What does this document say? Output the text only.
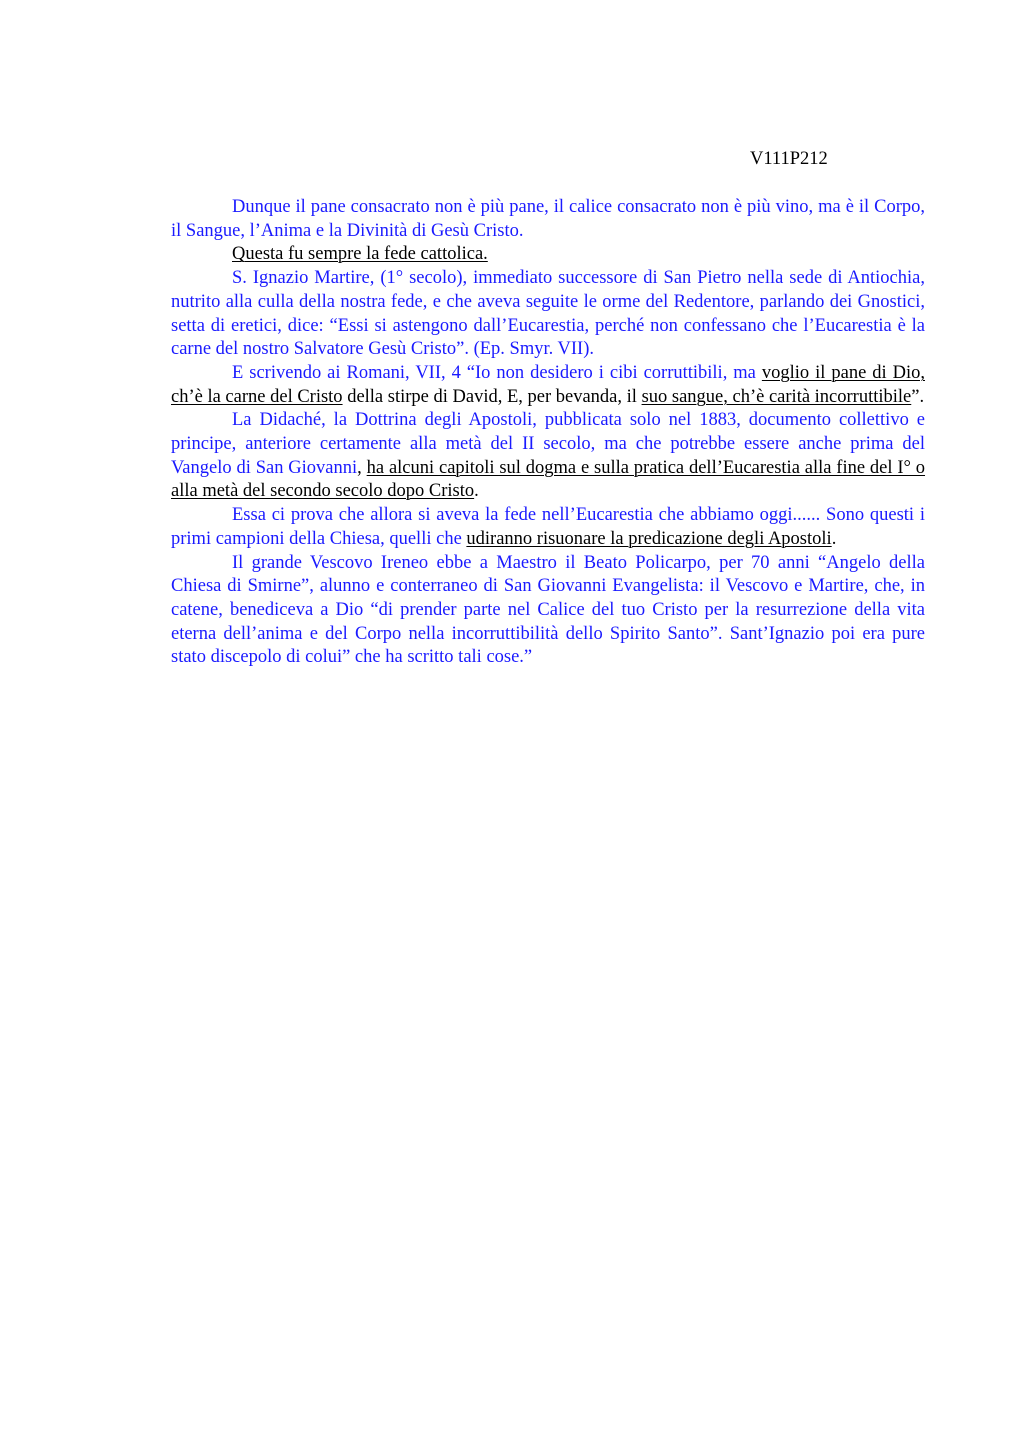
V111P212

Dunque il pane consacrato non è più pane, il calice consacrato non è più vino, ma è il Corpo, il Sangue, l’Anima e la Divinità di Gesù Cristo.

Questa fu sempre la fede cattolica.

S. Ignazio Martire, (1° secolo), immediato successore di San Pietro nella sede di Antiochia, nutrito alla culla della nostra fede, e che aveva seguite le orme del Redentore, parlando dei Gnostici, setta di eretici, dice: “Essi si astengono dall’Eucarestia, perché non confessano che l’Eucarestia è la carne del nostro Salvatore Gesù Cristo”. (Ep. Smyr. VII).

E scrivendo ai Romani, VII, 4 “Io non desidero i cibi corruttibili, ma voglio il pane di Dio, ch’è la carne del Cristo della stirpe di David, E, per bevanda, il suo sangue, ch’è carità incorruttibile”.

La Didaché, la Dottrina degli Apostoli, pubblicata solo nel 1883, documento collettivo e principe, anteriore certamente alla metà del II secolo, ma che potrebbe essere anche prima del Vangelo di San Giovanni, ha alcuni capitoli sul dogma e sulla pratica dell’Eucarestia alla fine del I° o alla metà del secondo secolo dopo Cristo.

Essa ci prova che allora si aveva la fede nell’Eucarestia che abbiamo oggi...... Sono questi i primi campioni della Chiesa, quelli che udiranno risuonare la predicazione degli Apostoli.

Il grande Vescovo Ireneo ebbe a Maestro il Beato Policarpo, per 70 anni “Angelo della Chiesa di Smirne”, alunno e conterraneo di San Giovanni Evangelista: il Vescovo e Martire, che, in catene, benediceva a Dio “di prender parte nel Calice del tuo Cristo per la resurrezione della vita eterna dell’anima e del Corpo nella incorruttibilità dello Spirito Santo”. Sant’Ignazio poi era pure stato discepolo di colui” che ha scritto tali cose.”
